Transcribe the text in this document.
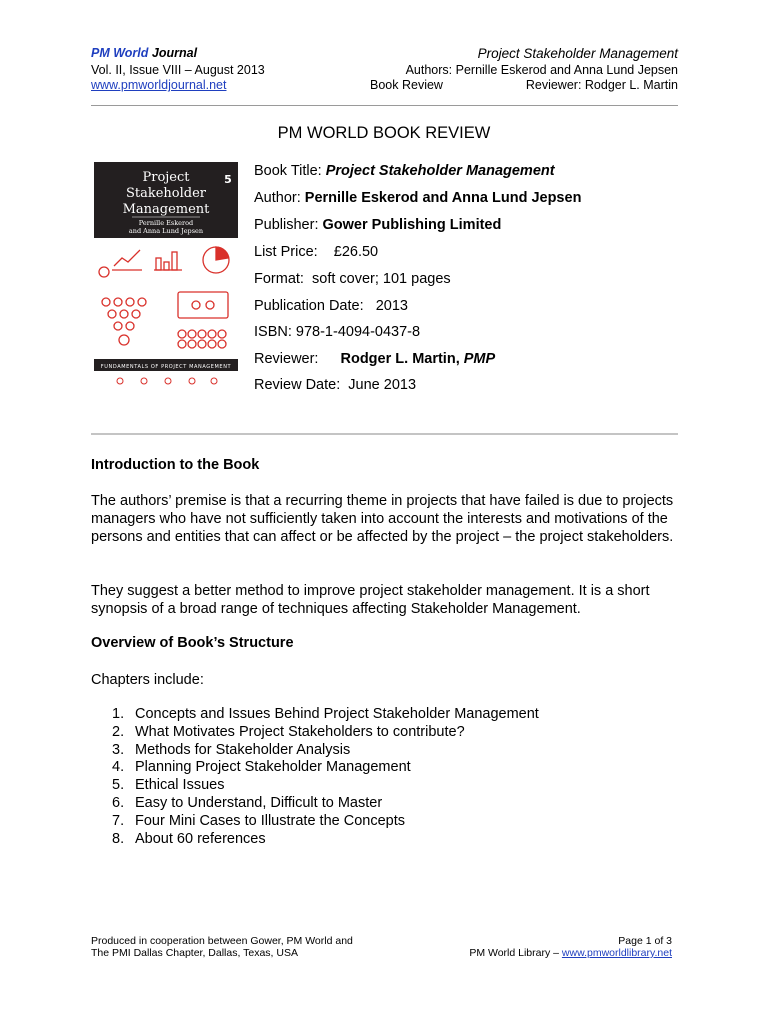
PM World Journal
Vol. II, Issue VIII – August 2013
www.pmworldjournal.net
Project Stakeholder Management
Authors: Pernille Eskerod and Anna Lund Jepsen
Book Review	Reviewer: Rodger L. Martin
PM WORLD BOOK REVIEW
Project
Stakeholder
Management
Pernille Eskerod
and Anna Lund Jepsen
5
FUNDAMENTALS OF PROJECT MANAGEMENT
Book Title: Project Stakeholder Management
Author: Pernille Eskerod and Anna Lund Jepsen
Publisher: Gower Publishing Limited
List Price:    £26.50
Format:  soft cover; 101 pages
Publication Date:   2013
ISBN: 978-1-4094-0437-8
Reviewer: Rodger L. Martin, PMP
Review Date:  June 2013
Introduction to the Book
The authors’ premise is that a recurring theme in projects that have failed is due to projects managers who have not sufficiently taken into account the interests and motivations of the persons and entities that can affect or be affected by the project – the project stakeholders.
They suggest a better method to improve project stakeholder management. It is a short synopsis of a broad range of techniques affecting Stakeholder Management.
Overview of Book’s Structure
Chapters include:
1. Concepts and Issues Behind Project Stakeholder Management
2. What Motivates Project Stakeholders to contribute?
3. Methods for Stakeholder Analysis
4. Planning Project Stakeholder Management
5. Ethical Issues
6. Easy to Understand, Difficult to Master
7. Four Mini Cases to Illustrate the Concepts
8. About 60 references
Produced in cooperation between Gower, PM World and
The PMI Dallas Chapter, Dallas, Texas, USA
Page 1 of 3
PM World Library – www.pmworldlibrary.net
